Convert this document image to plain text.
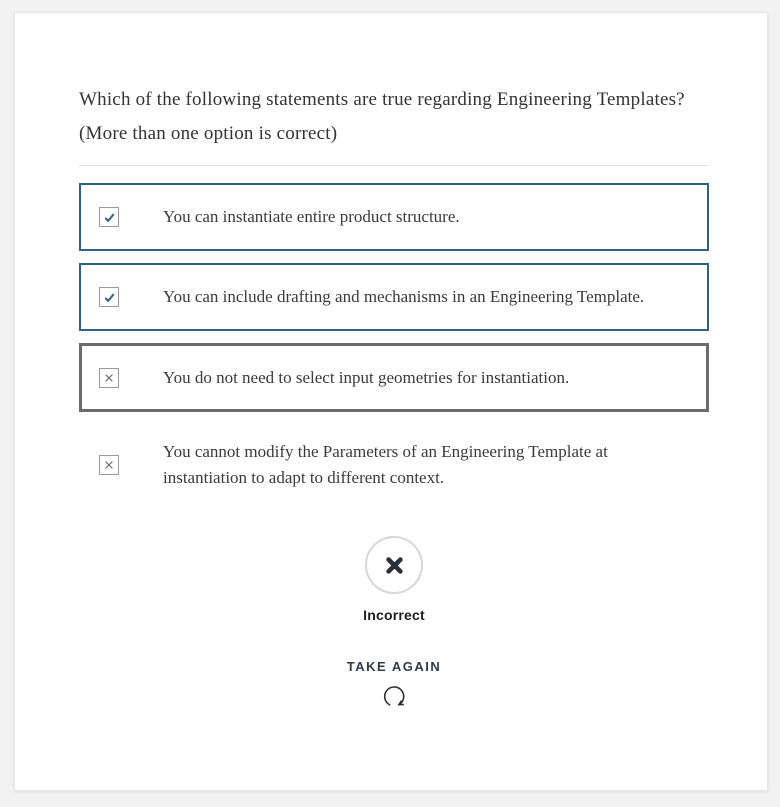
Which of the following statements are true regarding Engineering Templates? (More than one option is correct)
You can instantiate entire product structure.
You can include drafting and mechanisms in an Engineering Template.
You do not need to select input geometries for instantiation.
You cannot modify the Parameters of an Engineering Template at instantiation to adapt to different context.
Incorrect
TAKE AGAIN
